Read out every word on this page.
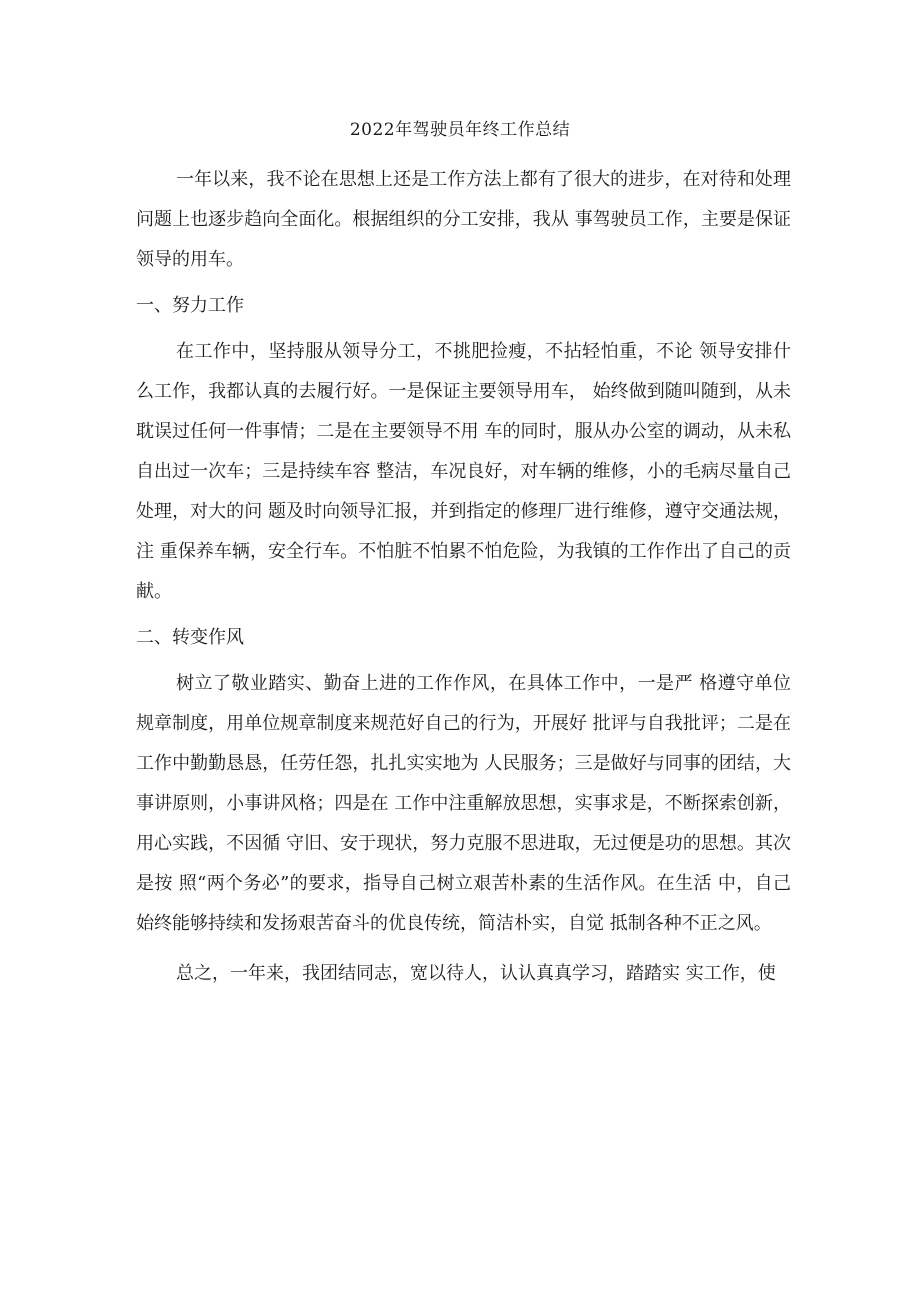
2022年驾驶员年终工作总结

一年以来，我不论在思想上还是工作方法上都有了很大的进步，在对待和处理问题上也逐步趋向全面化。根据组织的分工安排，我从 事驾驶员工作，主要是保证领导的用车。

一、努力工作

在工作中，坚持服从领导分工，不挑肥捡瘦，不拈轻怕重，不论 领导安排什么工作，我都认真的去履行好。一是保证主要领导用车， 始终做到随叫随到，从未耽误过任何一件事情；二是在主要领导不用 车的同时，服从办公室的调动，从未私自出过一次车；三是持续车容 整洁，车况良好，对车辆的维修，小的毛病尽量自己处理，对大的问 题及时向领导汇报，并到指定的修理厂进行维修，遵守交通法规，注 重保养车辆，安全行车。不怕脏不怕累不怕危险，为我镇的工作作出了自己的贡献。

二、转变作风

树立了敬业踏实、勤奋上进的工作作风，在具体工作中，一是严 格遵守单位规章制度，用单位规章制度来规范好自己的行为，开展好 批评与自我批评；二是在工作中勤勤恳恳，任劳任怨，扎扎实实地为 人民服务；三是做好与同事的团结，大事讲原则，小事讲风格；四是在 工作中注重解放思想，实事求是，不断探索创新，用心实践，不因循 守旧、安于现状，努力克服不思进取，无过便是功的思想。其次是按 照“两个务必”的要求，指导自己树立艰苦朴素的生活作风。在生活 中，自己始终能够持续和发扬艰苦奋斗的优良传统，简洁朴实，自觉 抵制各种不正之风。

总之，一年来，我团结同志，宽以待人，认认真真学习，踏踏实 实工作，使
